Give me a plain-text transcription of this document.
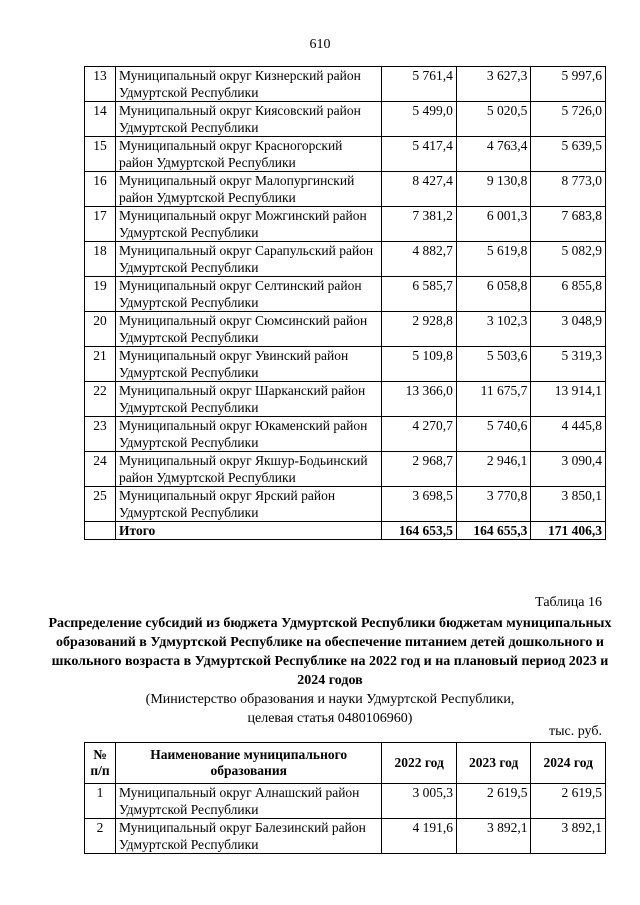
610
13	Муниципальный округ Кизнерский район Удмуртской Республики	5 761,4	3 627,3	5 997,6
14	Муниципальный округ Киясовский район Удмуртской Республики	5 499,0	5 020,5	5 726,0
15	Муниципальный округ Красногорский район Удмуртской Республики	5 417,4	4 763,4	5 639,5
16	Муниципальный округ Малопургинский район Удмуртской Республики	8 427,4	9 130,8	8 773,0
17	Муниципальный округ Можгинский район Удмуртской Республики	7 381,2	6 001,3	7 683,8
18	Муниципальный округ Сарапульский район Удмуртской Республики	4 882,7	5 619,8	5 082,9
19	Муниципальный округ Селтинский район Удмуртской Республики	6 585,7	6 058,8	6 855,8
20	Муниципальный округ Сюмсинский район Удмуртской Республики	2 928,8	3 102,3	3 048,9
21	Муниципальный округ Увинский район Удмуртской Республики	5 109,8	5 503,6	5 319,3
22	Муниципальный округ Шарканский район Удмуртской Республики	13 366,0	11 675,7	13 914,1
23	Муниципальный округ Юкаменский район Удмуртской Республики	4 270,7	5 740,6	4 445,8
24	Муниципальный округ Якшур-Бодьинский район Удмуртской Республики	2 968,7	2 946,1	3 090,4
25	Муниципальный округ Ярский район Удмуртской Республики	3 698,5	3 770,8	3 850,1
	Итого	164 653,5	164 655,3	171 406,3
Таблица 16
Распределение субсидий из бюджета Удмуртской Республики бюджетам муниципальных образований в Удмуртской Республике на обеспечение питанием детей дошкольного и школьного возраста в Удмуртской Республике на 2022 год и на плановый период 2023 и 2024 годов
(Министерство образования и науки Удмуртской Республики,
целевая статья 0480106960)
тыс. руб.
№ п/п	Наименование муниципального образования	2022 год	2023 год	2024 год
1	Муниципальный округ Алнашский район Удмуртской Республики	3 005,3	2 619,5	2 619,5
2	Муниципальный округ Балезинский район Удмуртской Республики	4 191,6	3 892,1	3 892,1
